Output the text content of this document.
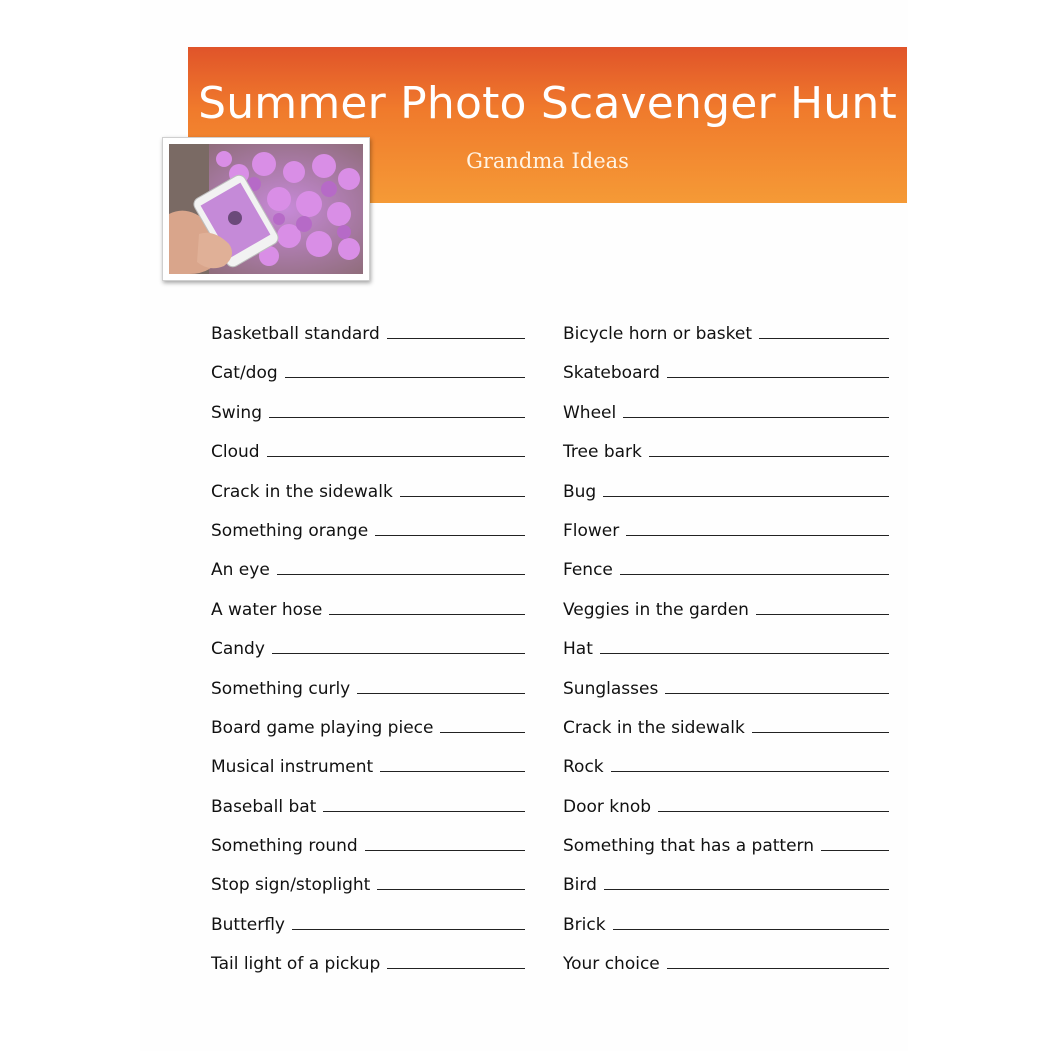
Summer Photo Scavenger Hunt
Grandma Ideas
Basketball standard
Cat/dog
Swing
Cloud
Crack in the sidewalk
Something orange
An eye
A water hose
Candy
Something curly
Board game playing piece
Musical instrument
Baseball bat
Something round
Stop sign/stoplight
Butterfly
Tail light of a pickup
Bicycle horn or basket
Skateboard
Wheel
Tree bark
Bug
Flower
Fence
Veggies in the garden
Hat
Sunglasses
Crack in the sidewalk
Rock
Door knob
Something that has a pattern
Bird
Brick
Your choice
